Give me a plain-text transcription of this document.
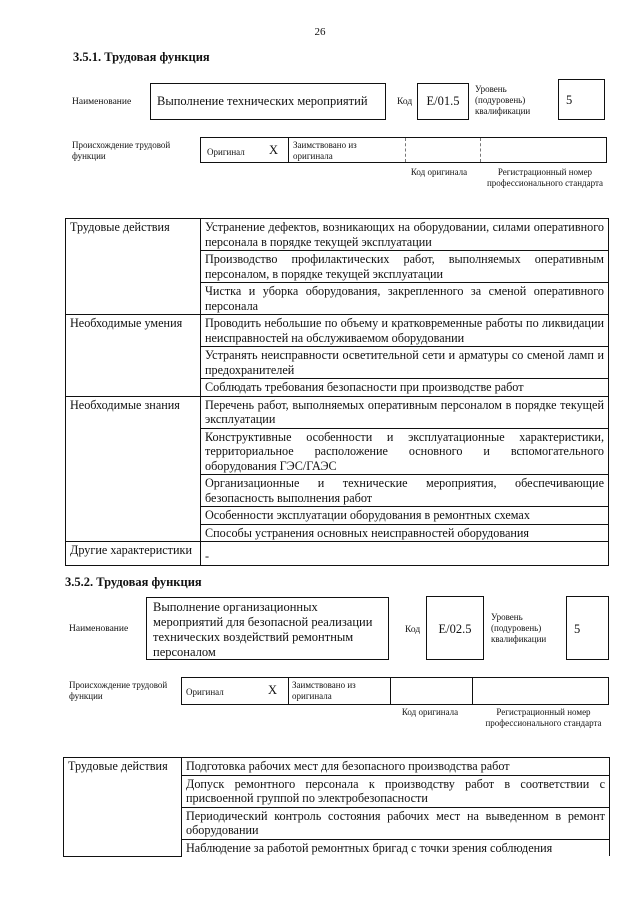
26
3.5.1. Трудовая функция
Наименование	Выполнение технических мероприятий	Код	E/01.5
Уровень (подуровень) квалификации
5
Происхождение трудовой функции	Оригинал X Заимствовано из оригинала
Код оригинала	Регистрационный номер профессионального стандарта
Трудовые действия	Устранение дефектов, возникающих на оборудовании, силами оперативного персонала в порядке текущей эксплуатации
	Производство профилактических работ, выполняемых оперативным персоналом, в порядке текущей эксплуатации
	Чистка и уборка оборудования, закрепленного за сменой оперативного персонала
Необходимые умения	Проводить небольшие по объему и кратковременные работы по ликвидации неисправностей на обслуживаемом оборудовании
	Устранять неисправности осветительной сети и арматуры со сменой ламп и предохранителей
	Соблюдать требования безопасности при производстве работ
Необходимые знания	Перечень работ, выполняемых оперативным персоналом в порядке текущей эксплуатации
	Конструктивные особенности и эксплуатационные характеристики, территориальное расположение основного и вспомогательного оборудования ГЭС/ГАЭС
	Организационные и технические мероприятия, обеспечивающие безопасность выполнения работ
	Особенности эксплуатации оборудования в ремонтных схемах
	Способы устранения основных неисправностей оборудования
Другие характеристики	-
3.5.2. Трудовая функция
Наименование
Выполнение организационных мероприятий для безопасной реализации технических воздействий ремонтным персоналом
Код	E/02.5
Уровень (подуровень) квалификации
5
Происхождение трудовой функции	Оригинал	X Заимствовано из оригинала
Код оригинала	Регистрационный номер профессионального стандарта
Трудовые действия	Подготовка рабочих мест для безопасного производства работ
Допуск ремонтного персонала к производству работ в соответствии с присвоенной группой по электробезопасности
Периодический контроль состояния рабочих мест на выведенном в ремонт оборудовании
Наблюдение за работой ремонтных бригад с точки зрения соблюдения
